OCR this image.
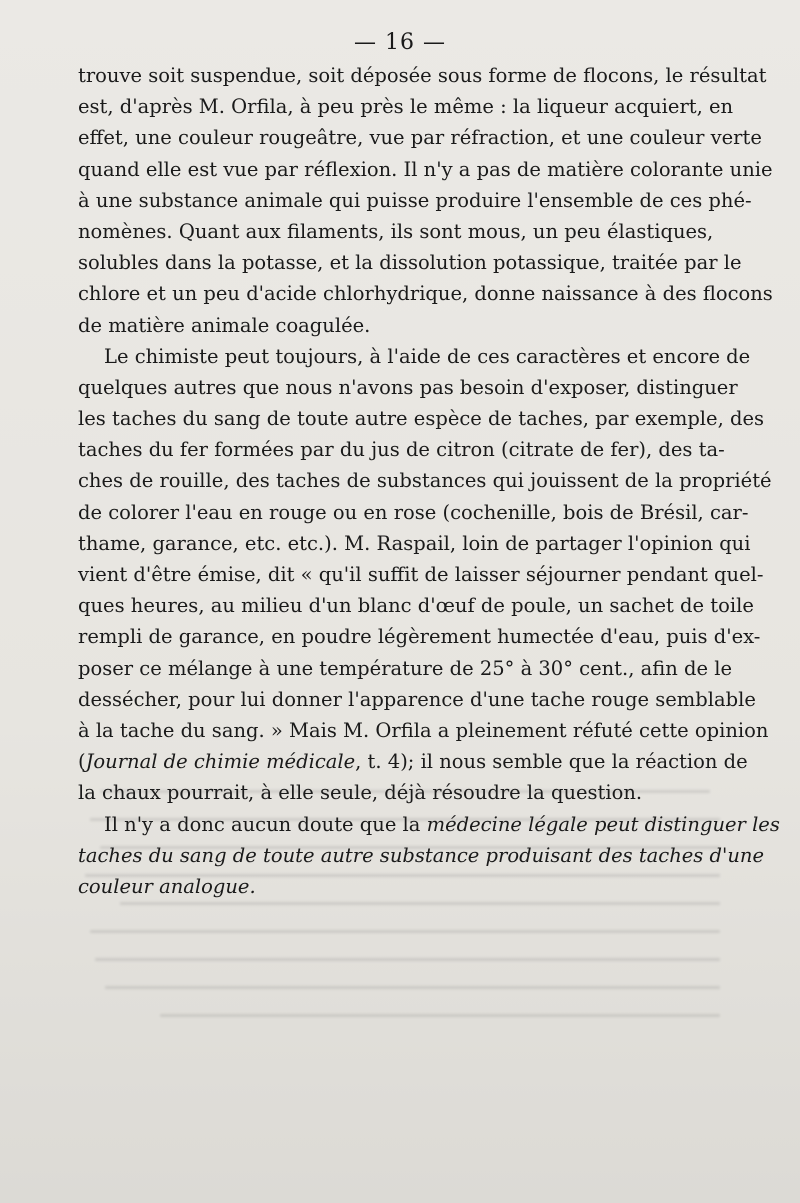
— 16 —
trouve soit suspendue, soit déposée sous forme de flocons, le résultat
est, d'après M. Orfila, à peu près le même : la liqueur acquiert, en
effet, une couleur rougeâtre, vue par réfraction, et une couleur verte
quand elle est vue par réflexion. Il n'y a pas de matière colorante unie
à une substance animale qui puisse produire l'ensemble de ces phé-
nomènes. Quant aux filaments, ils sont mous, un peu élastiques,
solubles dans la potasse, et la dissolution potassique, traitée par le
chlore et un peu d'acide chlorhydrique, donne naissance à des flocons
de matière animale coagulée.
Le chimiste peut toujours, à l'aide de ces caractères et encore de
quelques autres que nous n'avons pas besoin d'exposer, distinguer
les taches du sang de toute autre espèce de taches, par exemple, des
taches du fer formées par du jus de citron (citrate de fer), des ta-
ches de rouille, des taches de substances qui jouissent de la propriété
de colorer l'eau en rouge ou en rose (cochenille, bois de Brésil, car-
thame, garance, etc. etc.). M. Raspail, loin de partager l'opinion qui
vient d'être émise, dit « qu'il suffit de laisser séjourner pendant quel-
ques heures, au milieu d'un blanc d'œuf de poule, un sachet de toile
rempli de garance, en poudre légèrement humectée d'eau, puis d'ex-
poser ce mélange à une température de 25° à 30° cent., afin de le
dessécher, pour lui donner l'apparence d'une tache rouge semblable
à la tache du sang. » Mais M. Orfila a pleinement réfuté cette opinion
(Journal de chimie médicale, t. 4); il nous semble que la réaction de
la chaux pourrait, à elle seule, déjà résoudre la question.
Il n'y a donc aucun doute que la médecine légale peut distinguer les
taches du sang de toute autre substance produisant des taches d'une
couleur analogue.
